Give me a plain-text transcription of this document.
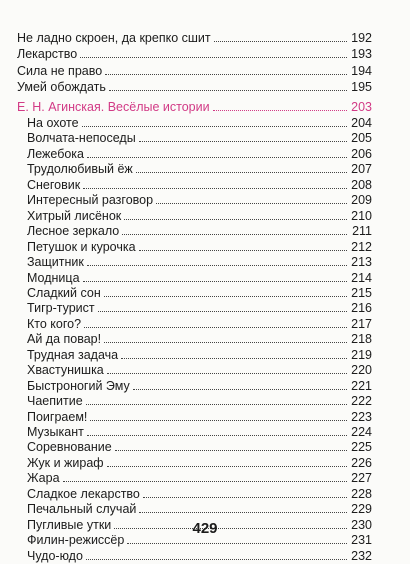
Не ладно скроен, да крепко сшит	192
Лекарство	193
Сила не право	194
Умей обождать	195
Е. Н. Агинская. Весёлые истории	203
На охоте	204
Волчата-непоседы	205
Лежебока	206
Трудолюбивый ёж	207
Снеговик	208
Интересный разговор	209
Хитрый лисёнок	210
Лесное зеркало	211
Петушок и курочка	212
Защитник	213
Модница	214
Сладкий сон	215
Тигр-турист	216
Кто кого?	217
Ай да повар!	218
Трудная задача	219
Хвастунишка	220
Быстроногий Эму	221
Чаепитие	222
Поиграем!	223
Музыкант	224
Соревнование	225
Жук и жираф	226
Жара	227
Сладкое лекарство	228
Печальный случай	229
Пугливые утки	230
Филин-режиссёр	231
Чудо-юдо	232
429
